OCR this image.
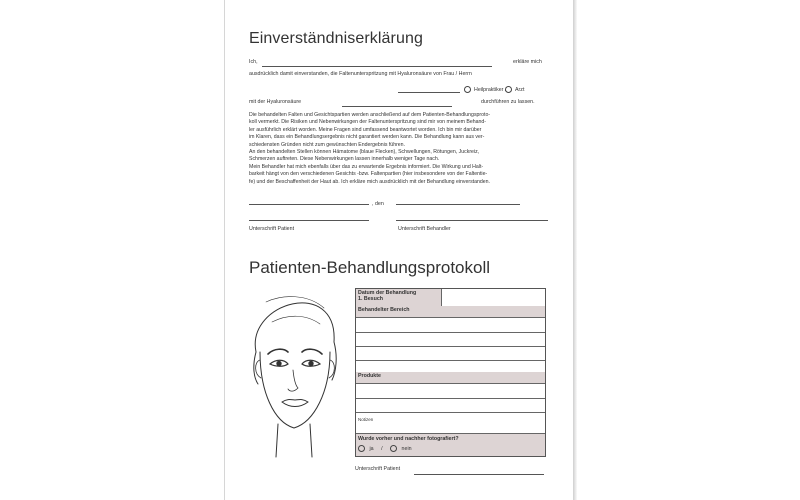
Einverständniserklärung
Ich,	erkläre mich
ausdrücklich damit einverstanden, die Faltenunterspritzung mit Hyaluronsäure von Frau / Herrn
Heilpraktiker /	Arzt
mit der Hyaluronsäure	durchführen zu lassen.
Die behandelten Falten und Gesichtspartien werden anschließend auf dem Patienten-Behandlungsproto-
koll vermerkt. Die Risiken und Nebenwirkungen der Faltenunterspritzung sind mir von meinem Behand-
ler ausführlich erklärt worden. Meine Fragen sind umfassend beantwortet worden. Ich bin mir darüber
im Klaren, dass ein Behandlungsergebnis nicht garantiert werden kann. Die Behandlung kann aus ver-
schiedensten Gründen nicht zum gewünschten Endergebnis führen.
An den behandelten Stellen können Hämatome (blaue Flecken), Schwellungen, Rötungen, Juckreiz,
Schmerzen auftreten. Diese Nebenwirkungen lassen innerhalb weniger Tage nach.
Mein Behandler hat mich ebenfalls über das zu erwartende Ergebnis informiert. Die Wirkung und Halt-
barkeit hängt von den verschiedenen Gesichts -bzw. Faltenpartien (hier insbesondere von der Faltentie-
fe) und der Beschaffenheit der Haut ab. Ich erkläre mich ausdrücklich mit der Behandlung einverstanden.
, den
Unterschrift Patient	Unterschrift Behandler
Patienten-Behandlungsprotokoll
Datum der Behandlung
1. Besuch
Behandelter Bereich
Produkte
Notizen
Wurde vorher und nachher fotografiert?
ja /	nein
Unterschrift Patient
